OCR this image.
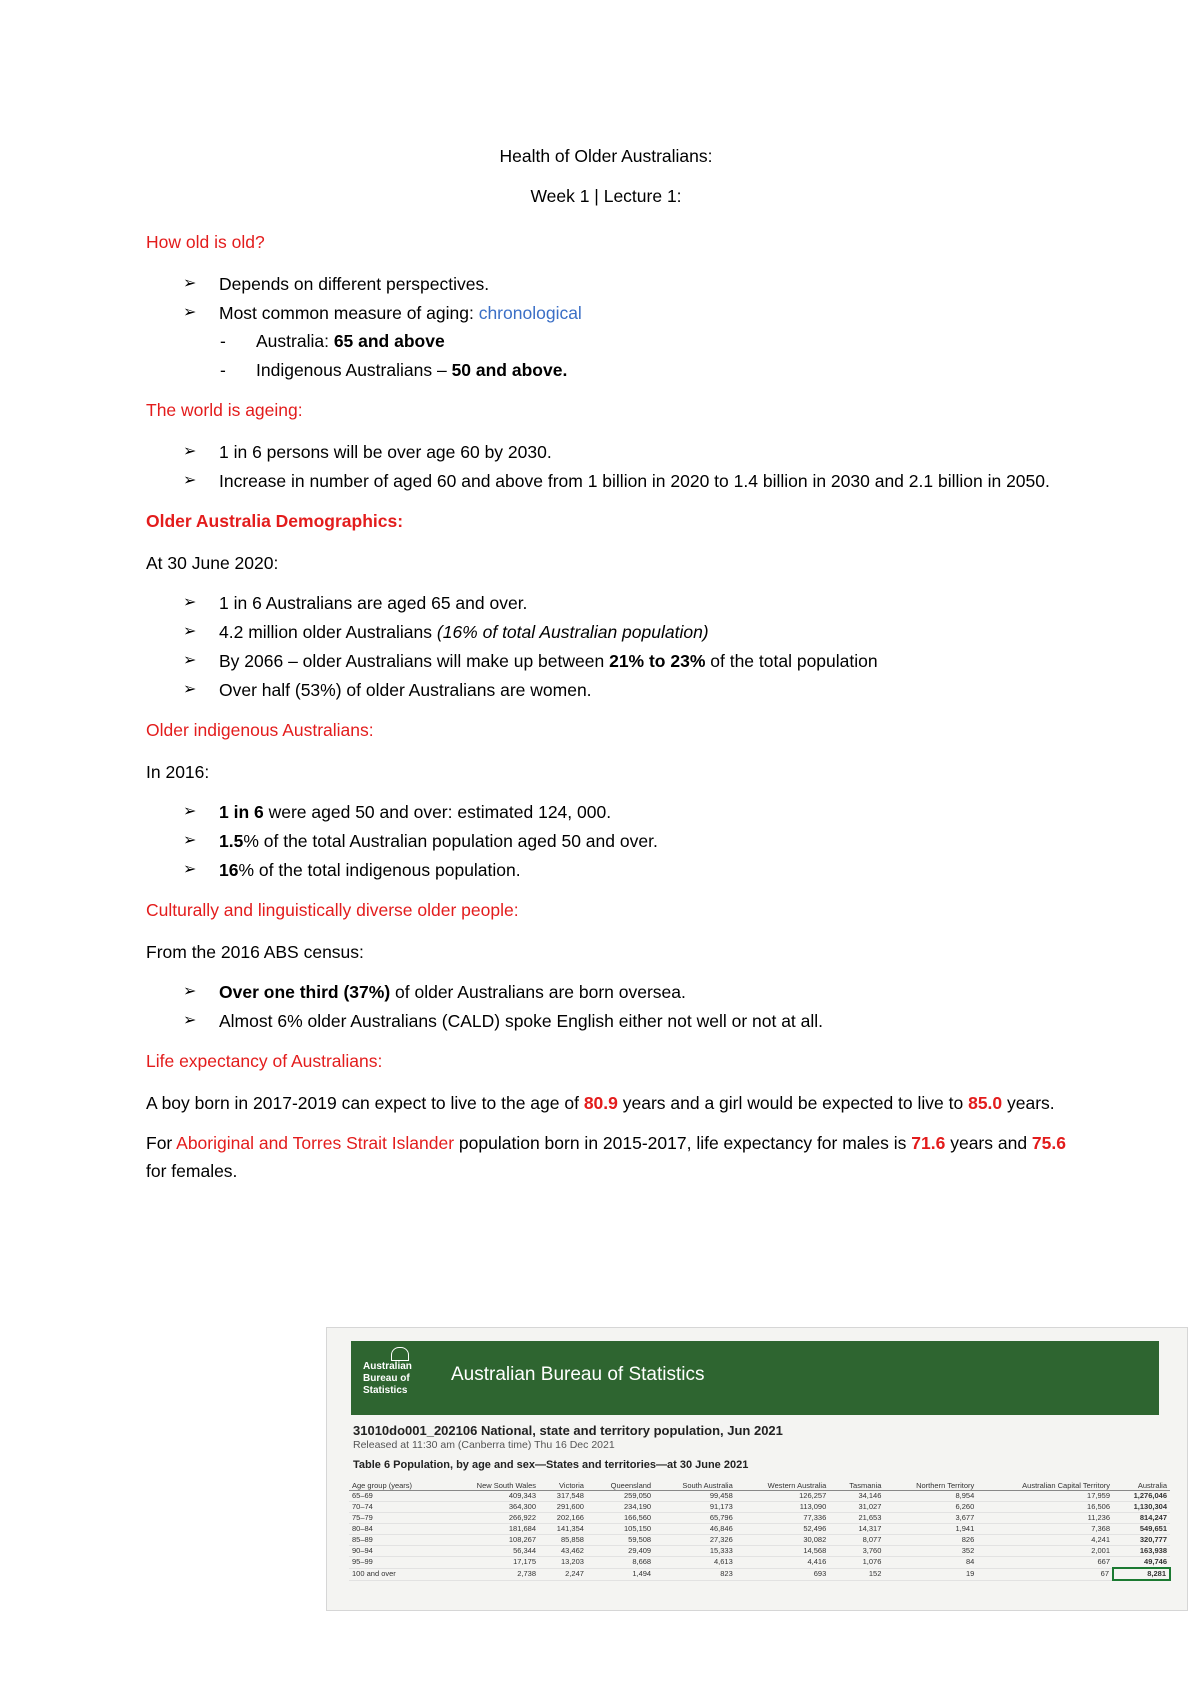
Health of Older Australians:

Week 1 | Lecture 1:

How old is old?
➢ Depends on different perspectives.
➢ Most common measure of aging: chronological
- Australia: 65 and above
- Indigenous Australians – 50 and above.
The world is ageing:
➢ 1 in 6 persons will be over age 60 by 2030.
➢ Increase in number of aged 60 and above from 1 billion in 2020 to 1.4 billion in 2030 and 2.1 billion in 2050.
Older Australia Demographics:

At 30 June 2020:

➢ 1 in 6 Australians are aged 65 and over.
➢ 4.2 million older Australians (16% of total Australian population)
➢ By 2066 – older Australians will make up between 21% to 23% of the total population
➢ Over half (53%) of older Australians are women.
Older indigenous Australians:

In 2016:

➢ 1 in 6 were aged 50 and over: estimated 124, 000.
➢ 1.5% of the total Australian population aged 50 and over.
➢ 16% of the total indigenous population.
Culturally and linguistically diverse older people:

From the 2016 ABS census:

➢ Over one third (37%) of older Australians are born oversea.
➢ Almost 6% older Australians (CALD) spoke English either not well or not at all.
Life expectancy of Australians:

A boy born in 2017-2019 can expect to live to the age of 80.9 years and a girl would be expected to live to 85.0 years.

For Aboriginal and Torres Strait Islander population born in 2015-2017, life expectancy for males is 71.6 years and 75.6 for females.

Australian
Bureau of
Statistics
Australian Bureau of Statistics
31010do001_202106 National, state and territory population, Jun 2021
Released at 11:30 am (Canberra time) Thu 16 Dec 2021
Table 6 Population, by age and sex—States and territories—at 30 June 2021
Age group (years)	New South Wales	Victoria	Queensland	South Australia	Western Australia	Tasmania	Northern Territory	Australian Capital Territory	Australia
65–69	409,343	317,548	259,050	99,458	126,257	34,146	8,954	17,959	1,276,046
70–74	364,300	291,600	234,190	91,173	113,090	31,027	6,260	16,506	1,130,304
75–79	266,922	202,166	166,560	65,796	77,336	21,653	3,677	11,236	814,247
80–84	181,684	141,354	105,150	46,846	52,496	14,317	1,941	7,368	549,651
85–89	108,267	85,858	59,508	27,326	30,082	8,077	826	4,241	320,777
90–94	56,344	43,462	29,409	15,333	14,568	3,760	352	2,001	163,938
95–99	17,175	13,203	8,668	4,613	4,416	1,076	84	667	49,746
100 and over	2,738	2,247	1,494	823	693	152	19	67	8,281
